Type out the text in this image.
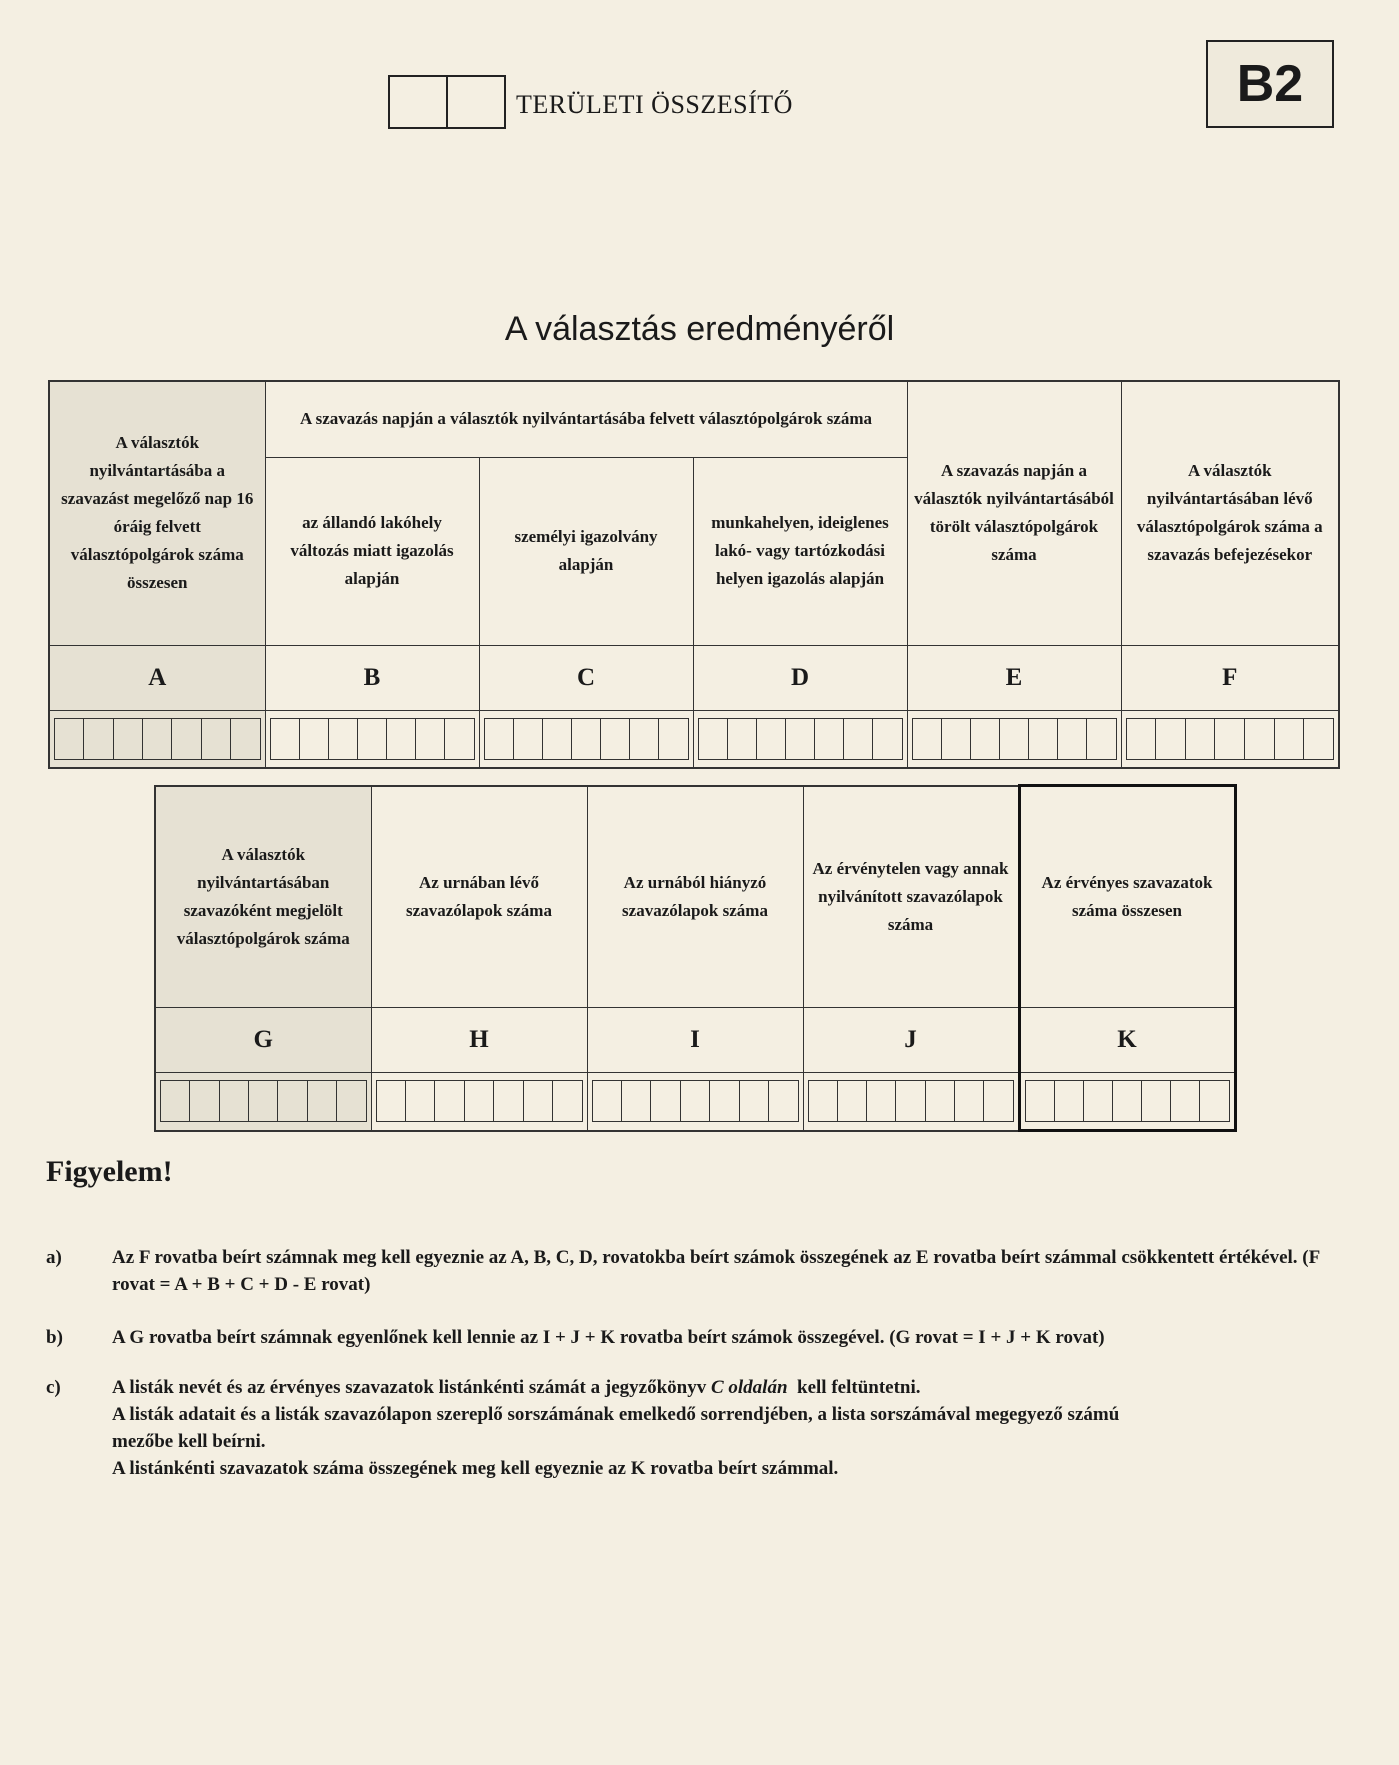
TERÜLETI ÖSSZESÍTŐ	B2
A választás eredményéről
A választók nyilvántartásába a szavazást megelőző nap 16 óráig felvett választópolgárok száma összesen	A szavazás napján a választók nyilvántartásába felvett választópolgárok száma			A szavazás napján a választók nyilvántartásából törölt választópolgárok száma	A választók nyilvántartásában lévő választópolgárok száma a szavazás befejezésekor
	az állandó lakóhely változás miatt igazolás alapján	személyi igazolvány alapján	munkahelyen, ideiglenes lakó- vagy tartózkodási helyen igazolás alapján		
A	B	C	D	E	F

A választók nyilvántartásában szavazóként megjelölt választópolgárok száma	Az urnában lévő szavazólapok száma	Az urnából hiányzó szavazólapok száma	Az érvénytelen vagy annak nyilvánított szavazólapok száma	Az érvényes szavazatok száma összesen
G	H	I	J	K

Figyelem!
a)	Az F rovatba beírt számnak meg kell egyeznie az A, B, C, D, rovatokba beírt számok összegének az E rovatba beírt számmal csökkentett értékével. (F rovat = A + B + C + D - E rovat)
b)	A G rovatba beírt számnak egyenlőnek kell lennie az I + J + K rovatba beírt számok összegével. (G rovat = I + J + K rovat)
c)	A listák nevét és az érvényes szavazatok listánkénti számát a jegyzőkönyv C oldalán kell feltüntetni.
A listák adatait és a listák szavazólapon szereplő sorszámának emelkedő sorrendjében, a lista sorszámával megegyező számú mezőbe kell beírni.
A listánkénti szavazatok száma összegének meg kell egyeznie az K rovatba beírt számmal.
